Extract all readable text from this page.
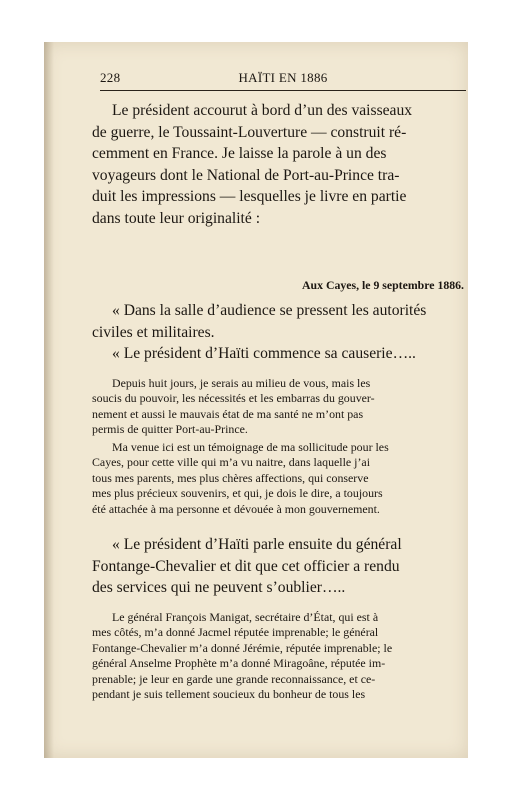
228	HAÏTI EN 1886
Le président accourut à bord d’un des vaisseaux
de guerre, le Toussaint-Louverture — construit ré-
cemment en France. Je laisse la parole à un des
voyageurs dont le National de Port-au-Prince tra-
duit les impressions — lesquelles je livre en partie
dans toute leur originalité :
Aux Cayes, le 9 septembre 1886.
« Dans la salle d’audience se pressent les autorités
civiles et militaires.
« Le président d’Haïti commence sa causerie…..
Depuis huit jours, je serais au milieu de vous, mais les
soucis du pouvoir, les nécessités et les embarras du gouver-
nement et aussi le mauvais état de ma santé ne m’ont pas
permis de quitter Port-au-Prince.
Ma venue ici est un témoignage de ma sollicitude pour les
Cayes, pour cette ville qui m’a vu naitre, dans laquelle j’ai
tous mes parents, mes plus chères affections, qui conserve
mes plus précieux souvenirs, et qui, je dois le dire, a toujours
été attachée à ma personne et dévouée à mon gouvernement.
« Le président d’Haïti parle ensuite du général
Fontange-Chevalier et dit que cet officier a rendu
des services qui ne peuvent s’oublier…..
Le général François Manigat, secrétaire d’État, qui est à
mes côtés, m’a donné Jacmel réputée imprenable; le général
Fontange-Chevalier m’a donné Jérémie, réputée imprenable; le
général Anselme Prophète m’a donné Miragoâne, réputée im-
prenable; je leur en garde une grande reconnaissance, et ce-
pendant je suis tellement soucieux du bonheur de tous les
